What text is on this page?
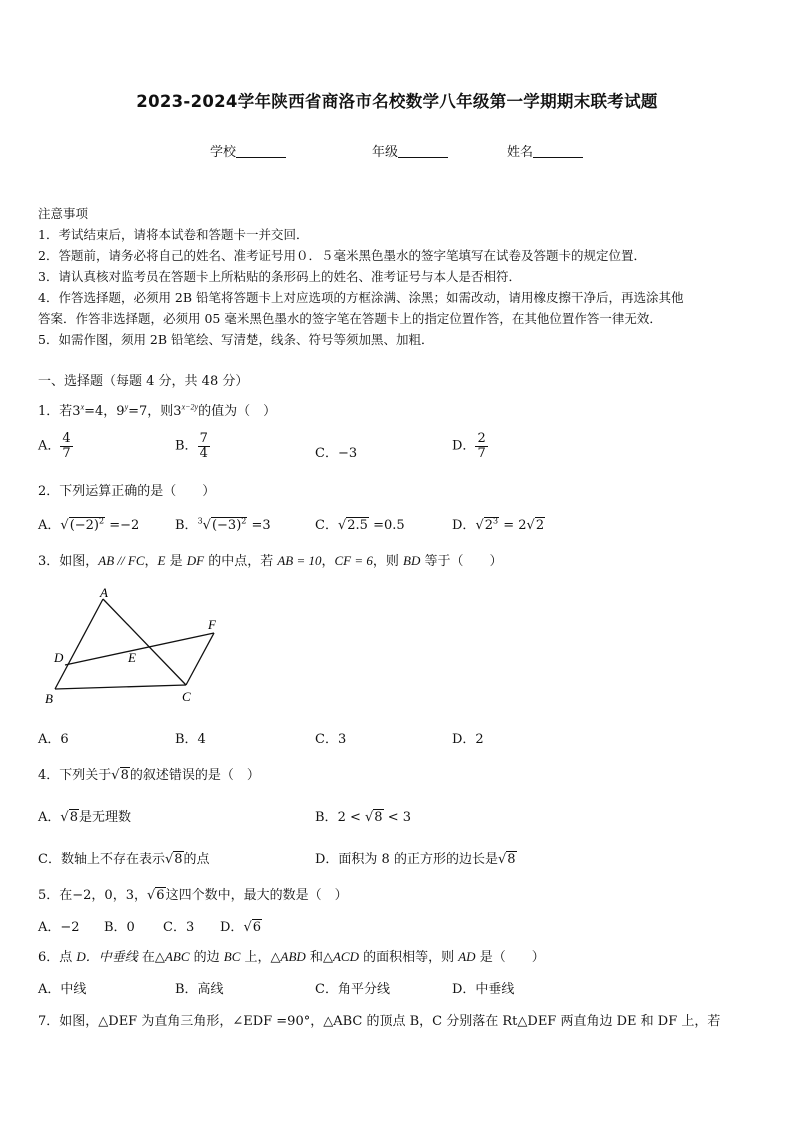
2023-2024学年陕西省商洛市名校数学八年级第一学期期末联考试题
学校	年级	姓名
注意事项
1．考试结束后，请将本试卷和答题卡一并交回．
2．答题前，请务必将自己的姓名、准考证号用０．５毫米黑色墨水的签字笔填写在试卷及答题卡的规定位置．
3．请认真核对监考员在答题卡上所粘贴的条形码上的姓名、准考证号与本人是否相符．
4．作答选择题，必须用 2B 铅笔将答题卡上对应选项的方框涂满、涂黑；如需改动，请用橡皮擦干净后，再选涂其他
答案．作答非选择题，必须用 05 毫米黑色墨水的签字笔在答题卡上的指定位置作答，在其他位置作答一律无效．
5．如需作图，须用 2B 铅笔绘、写清楚，线条、符号等须加黑、加粗．
一、选择题（每题 4 分，共 48 分）
1．若$3^x=4$，$9^y=7$，则$3^{x-2y}$的值为（　）
A． $\frac{4}{7}$	B． $\frac{7}{4}$	C．−3	D． $\frac{2}{7}$
2．下列运算正确的是（　　）
A．$√(-2)^2 =-2$	B．$^3√(-3)^2 =3$	C．√2.5 =0.5	D．$√2^3 = 2√2$
3．如图，AB // FC，E 是 DF 的中点，若 AB = 10，CF = 6，则 BD 等于（　　）
A
B	C
D	E
F
A．6	B．4	C．3	D．2
4．下列关于√8的叙述错误的是（　）
A．√8是无理数	B．2 < √8 < 3
C．数轴上不存在表示√8的点	D．面积为 8 的正方形的边长是√8
5．在−2，0，3，√6这四个数中，最大的数是（　）
A．−2 B．0 C．3 D．√6
6．点 D．中垂线 在△ABC 的边 BC 上，△ABD 和△ACD 的面积相等，则 AD 是（　　）
A．中线	B．高线	C．角平分线	D．中垂线
7．如图，△DEF 为直角三角形，∠EDF =90°，△ABC 的顶点 B，C 分别落在 Rt△DEF 两直角边 DE 和 DF 上，若
